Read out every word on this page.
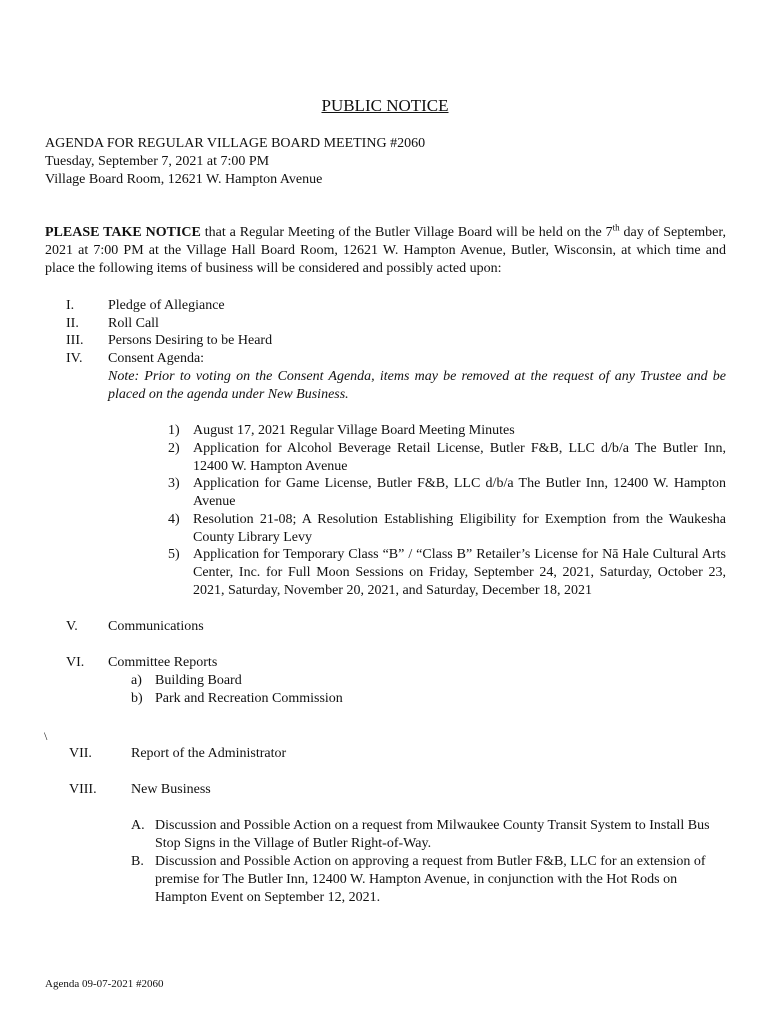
PUBLIC NOTICE
AGENDA FOR REGULAR VILLAGE BOARD MEETING #2060
Tuesday, September 7, 2021 at 7:00 PM
Village Board Room, 12621 W. Hampton Avenue
PLEASE TAKE NOTICE that a Regular Meeting of the Butler Village Board will be held on the 7th day of September, 2021 at 7:00 PM at the Village Hall Board Room, 12621 W. Hampton Avenue, Butler, Wisconsin, at which time and place the following items of business will be considered and possibly acted upon:
I. Pledge of Allegiance
II. Roll Call
III. Persons Desiring to be Heard
IV. Consent Agenda:
Note: Prior to voting on the Consent Agenda, items may be removed at the request of any Trustee and be placed on the agenda under New Business.
1) August 17, 2021 Regular Village Board Meeting Minutes
2) Application for Alcohol Beverage Retail License, Butler F&B, LLC d/b/a The Butler Inn, 12400 W. Hampton Avenue
3) Application for Game License, Butler F&B, LLC d/b/a The Butler Inn, 12400 W. Hampton Avenue
4) Resolution 21-08; A Resolution Establishing Eligibility for Exemption from the Waukesha County Library Levy
5) Application for Temporary Class “B” / “Class B” Retailer’s License for Nā Hale Cultural Arts Center, Inc. for Full Moon Sessions on Friday, September 24, 2021, Saturday, October 23, 2021, Saturday, November 20, 2021, and Saturday, December 18, 2021
V. Communications
VI. Committee Reports
a) Building Board
b) Park and Recreation Commission
\
VII.	Report of the Administrator
VIII. New Business
A. Discussion and Possible Action on a request from Milwaukee County Transit System to Install Bus Stop Signs in the Village of Butler Right-of-Way.
B. Discussion and Possible Action on approving a request from Butler F&B, LLC for an extension of premise for The Butler Inn, 12400 W. Hampton Avenue, in conjunction with the Hot Rods on Hampton Event on September 12, 2021.
Agenda 09-07-2021 #2060
